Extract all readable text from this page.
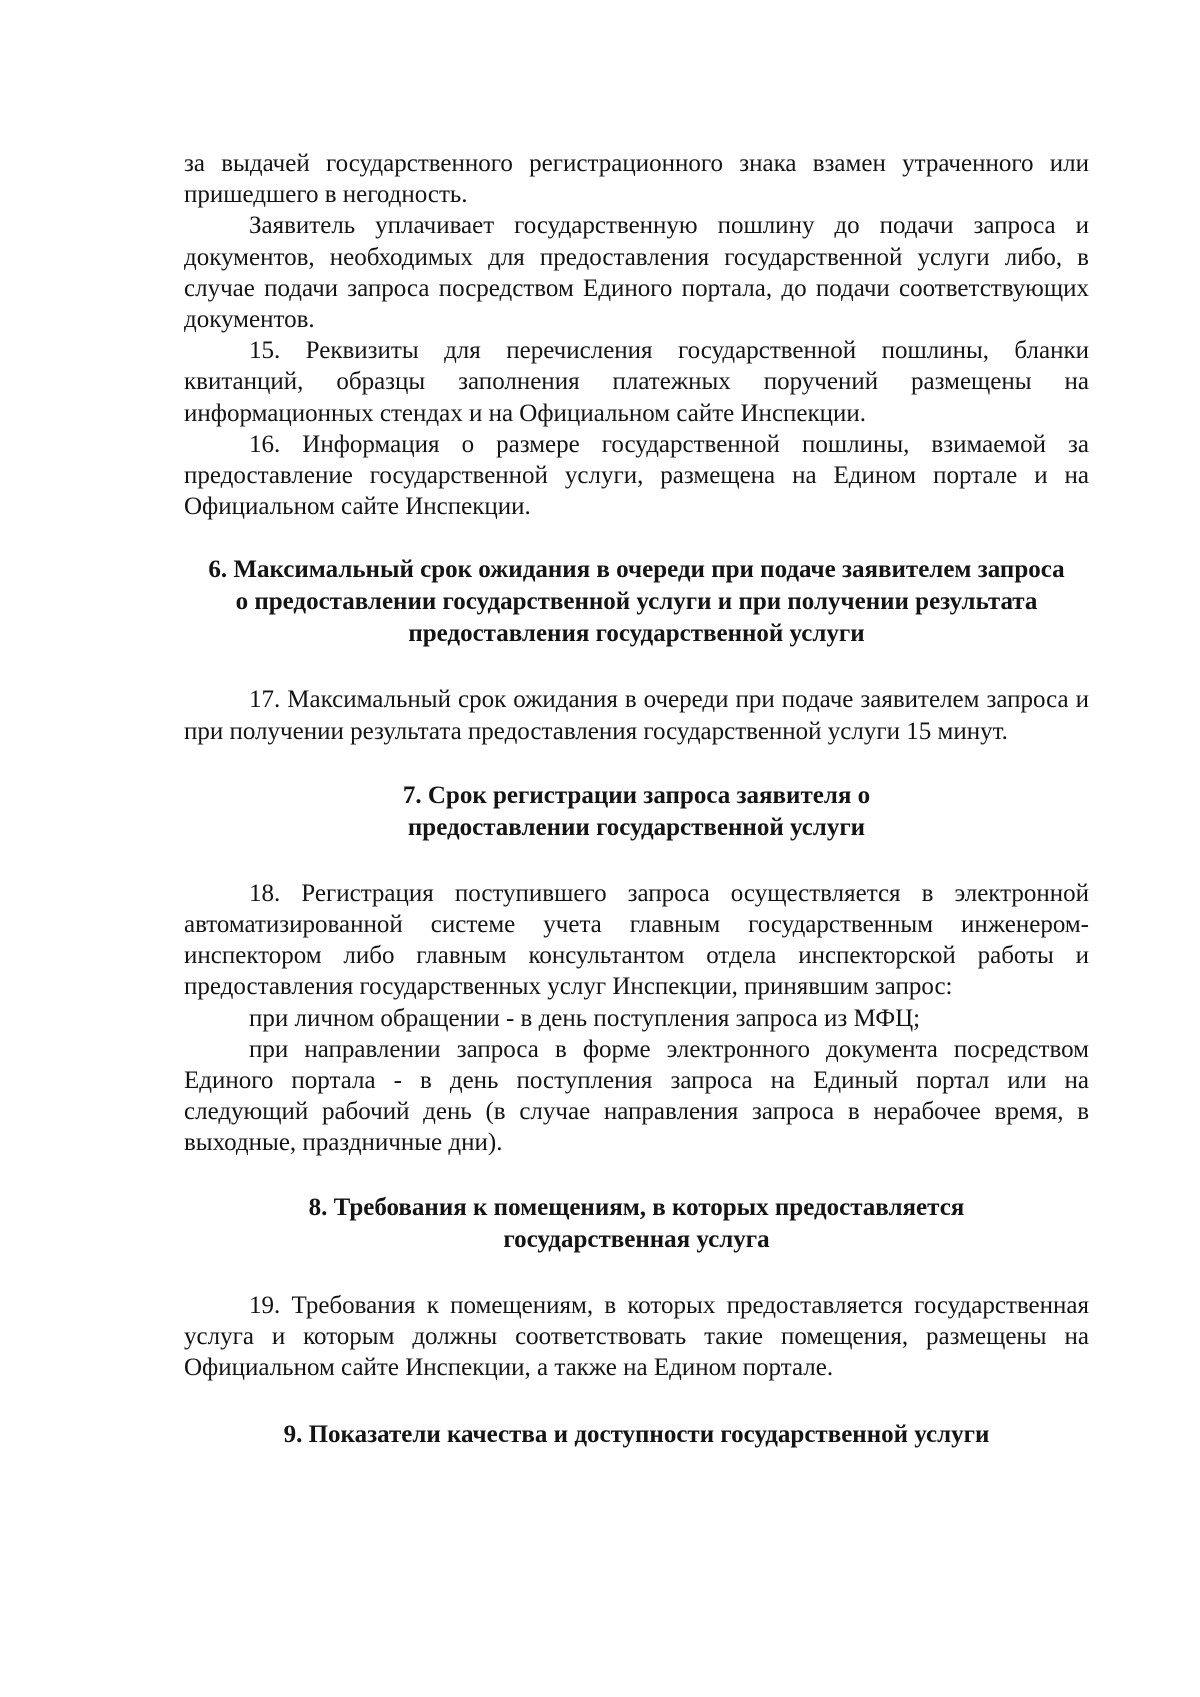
за выдачей государственного регистрационного знака взамен утраченного или пришедшего в негодность.

Заявитель уплачивает государственную пошлину до подачи запроса и документов, необходимых для предоставления государственной услуги либо, в случае подачи запроса посредством Единого портала, до подачи соответствующих документов.

15. Реквизиты для перечисления государственной пошлины, бланки квитанций, образцы заполнения платежных поручений размещены на информационных стендах и на Официальном сайте Инспекции.

16. Информация о размере государственной пошлины, взимаемой за предоставление государственной услуги, размещена на Едином портале и на Официальном сайте Инспекции.

6. Максимальный срок ожидания в очереди при подаче заявителем запроса о предоставлении государственной услуги и при получении результата предоставления государственной услуги

17. Максимальный срок ожидания в очереди при подаче заявителем запроса и при получении результата предоставления государственной услуги 15 минут.

7. Срок регистрации запроса заявителя о предоставлении государственной услуги

18. Регистрация поступившего запроса осуществляется в электронной автоматизированной системе учета главным государственным инженером-инспектором либо главным консультантом отдела инспекторской работы и предоставления государственных услуг Инспекции, принявшим запрос:

при личном обращении - в день поступления запроса из МФЦ;

при направлении запроса в форме электронного документа посредством Единого портала - в день поступления запроса на Единый портал или на следующий рабочий день (в случае направления запроса в нерабочее время, в выходные, праздничные дни).

8. Требования к помещениям, в которых предоставляется государственная услуга

19. Требования к помещениям, в которых предоставляется государственная услуга и которым должны соответствовать такие помещения, размещены на Официальном сайте Инспекции, а также на Едином портале.

9. Показатели качества и доступности государственной услуги
